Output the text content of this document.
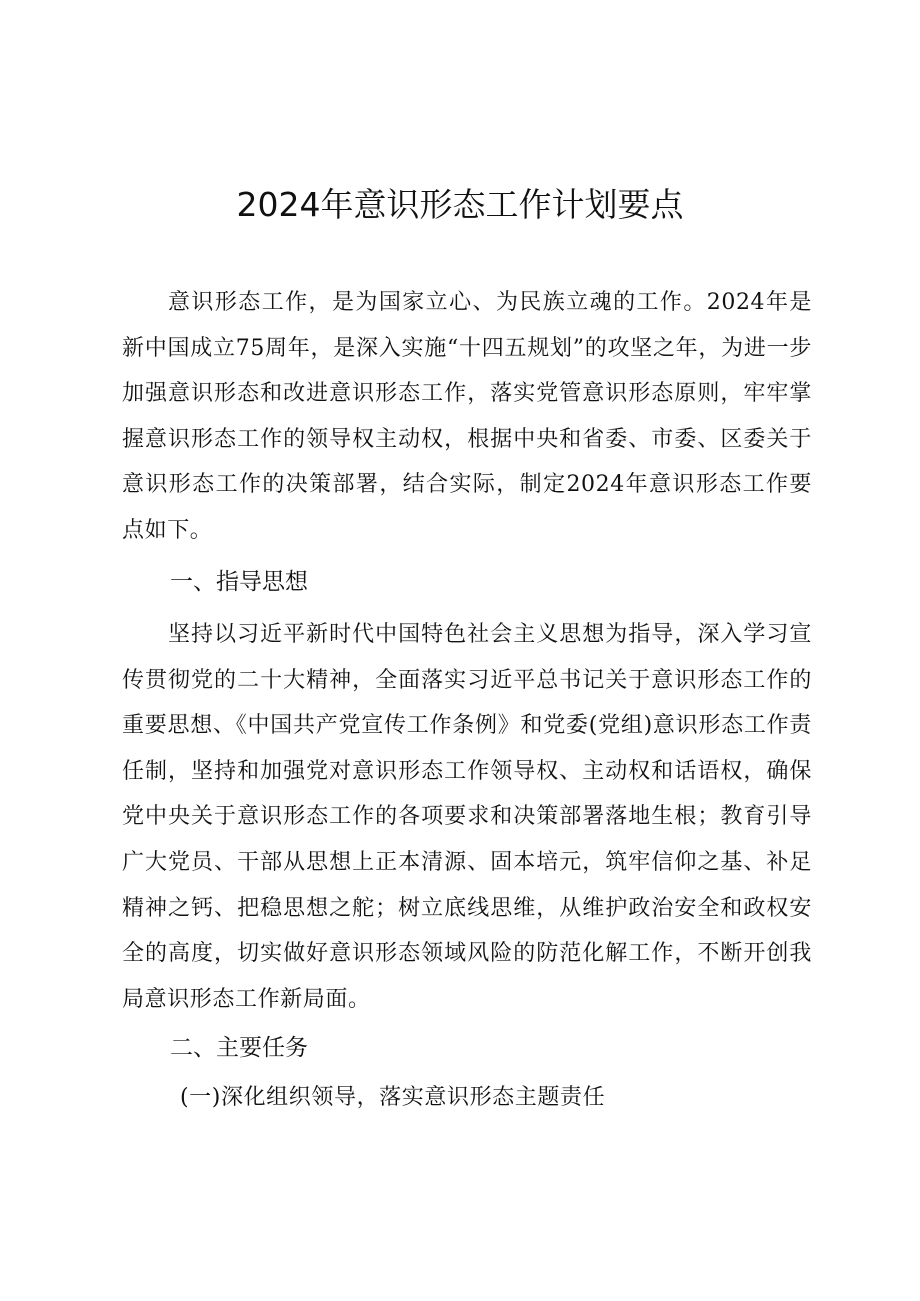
2024年意识形态工作计划要点

意识形态工作，是为国家立心、为民族立魂的工作。2024年是新中国成立75周年，是深入实施“十四五规划”的攻坚之年，为进一步加强意识形态和改进意识形态工作，落实党管意识形态原则，牢牢掌握意识形态工作的领导权主动权，根据中央和省委、市委、区委关于意识形态工作的决策部署，结合实际，制定2024年意识形态工作要点如下。

一、指导思想

坚持以习近平新时代中国特色社会主义思想为指导，深入学习宣传贯彻党的二十大精神，全面落实习近平总书记关于意识形态工作的重要思想、《中国共产党宣传工作条例》和党委(党组)意识形态工作责任制，坚持和加强党对意识形态工作领导权、主动权和话语权，确保党中央关于意识形态工作的各项要求和决策部署落地生根；教育引导广大党员、干部从思想上正本清源、固本培元，筑牢信仰之基、补足精神之钙、把稳思想之舵；树立底线思维，从维护政治安全和政权安全的高度，切实做好意识形态领域风险的防范化解工作，不断开创我局意识形态工作新局面。

二、主要任务

(一)深化组织领导，落实意识形态主题责任
